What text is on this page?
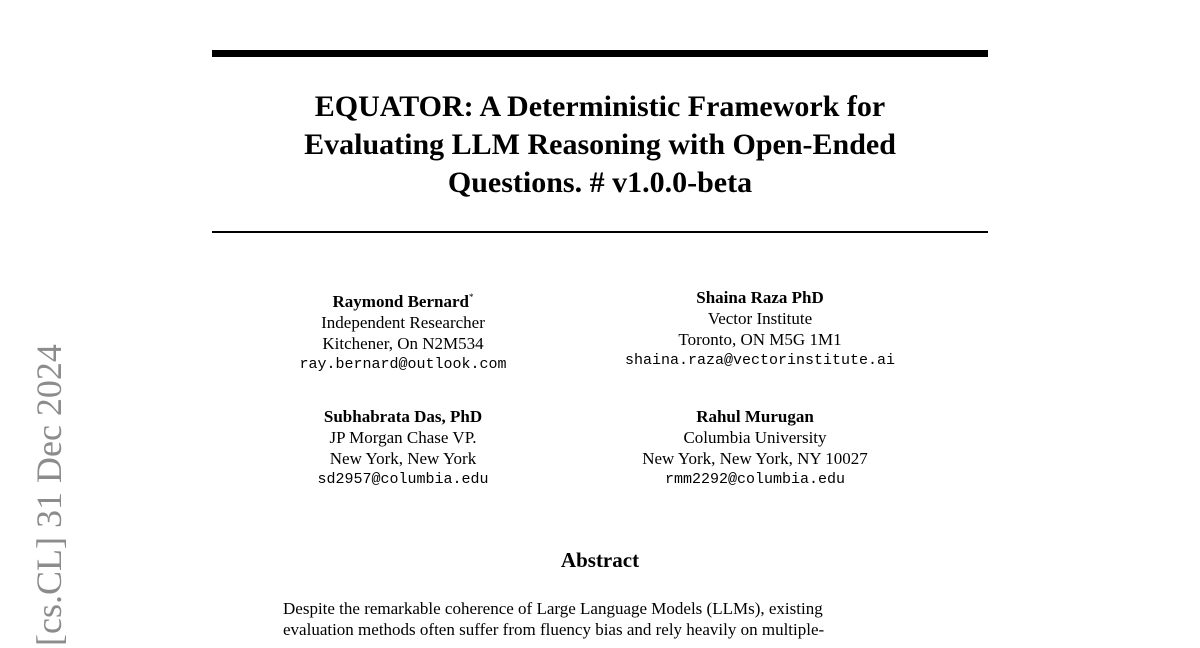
[cs.CL] 31 Dec 2024
EQUATOR: A Deterministic Framework for
Evaluating LLM Reasoning with Open-Ended
Questions. # v1.0.0-beta
Raymond Bernard*
Independent Researcher
Kitchener, On N2M534
ray.bernard@outlook.com
Shaina Raza PhD
Vector Institute
Toronto, ON M5G 1M1
shaina.raza@vectorinstitute.ai
Subhabrata Das, PhD
JP Morgan Chase VP.
New York, New York
sd2957@columbia.edu
Rahul Murugan
Columbia University
New York, New York, NY 10027
rmm2292@columbia.edu
Abstract
Despite the remarkable coherence of Large Language Models (LLMs), existing
evaluation methods often suffer from fluency bias and rely heavily on multiple-
